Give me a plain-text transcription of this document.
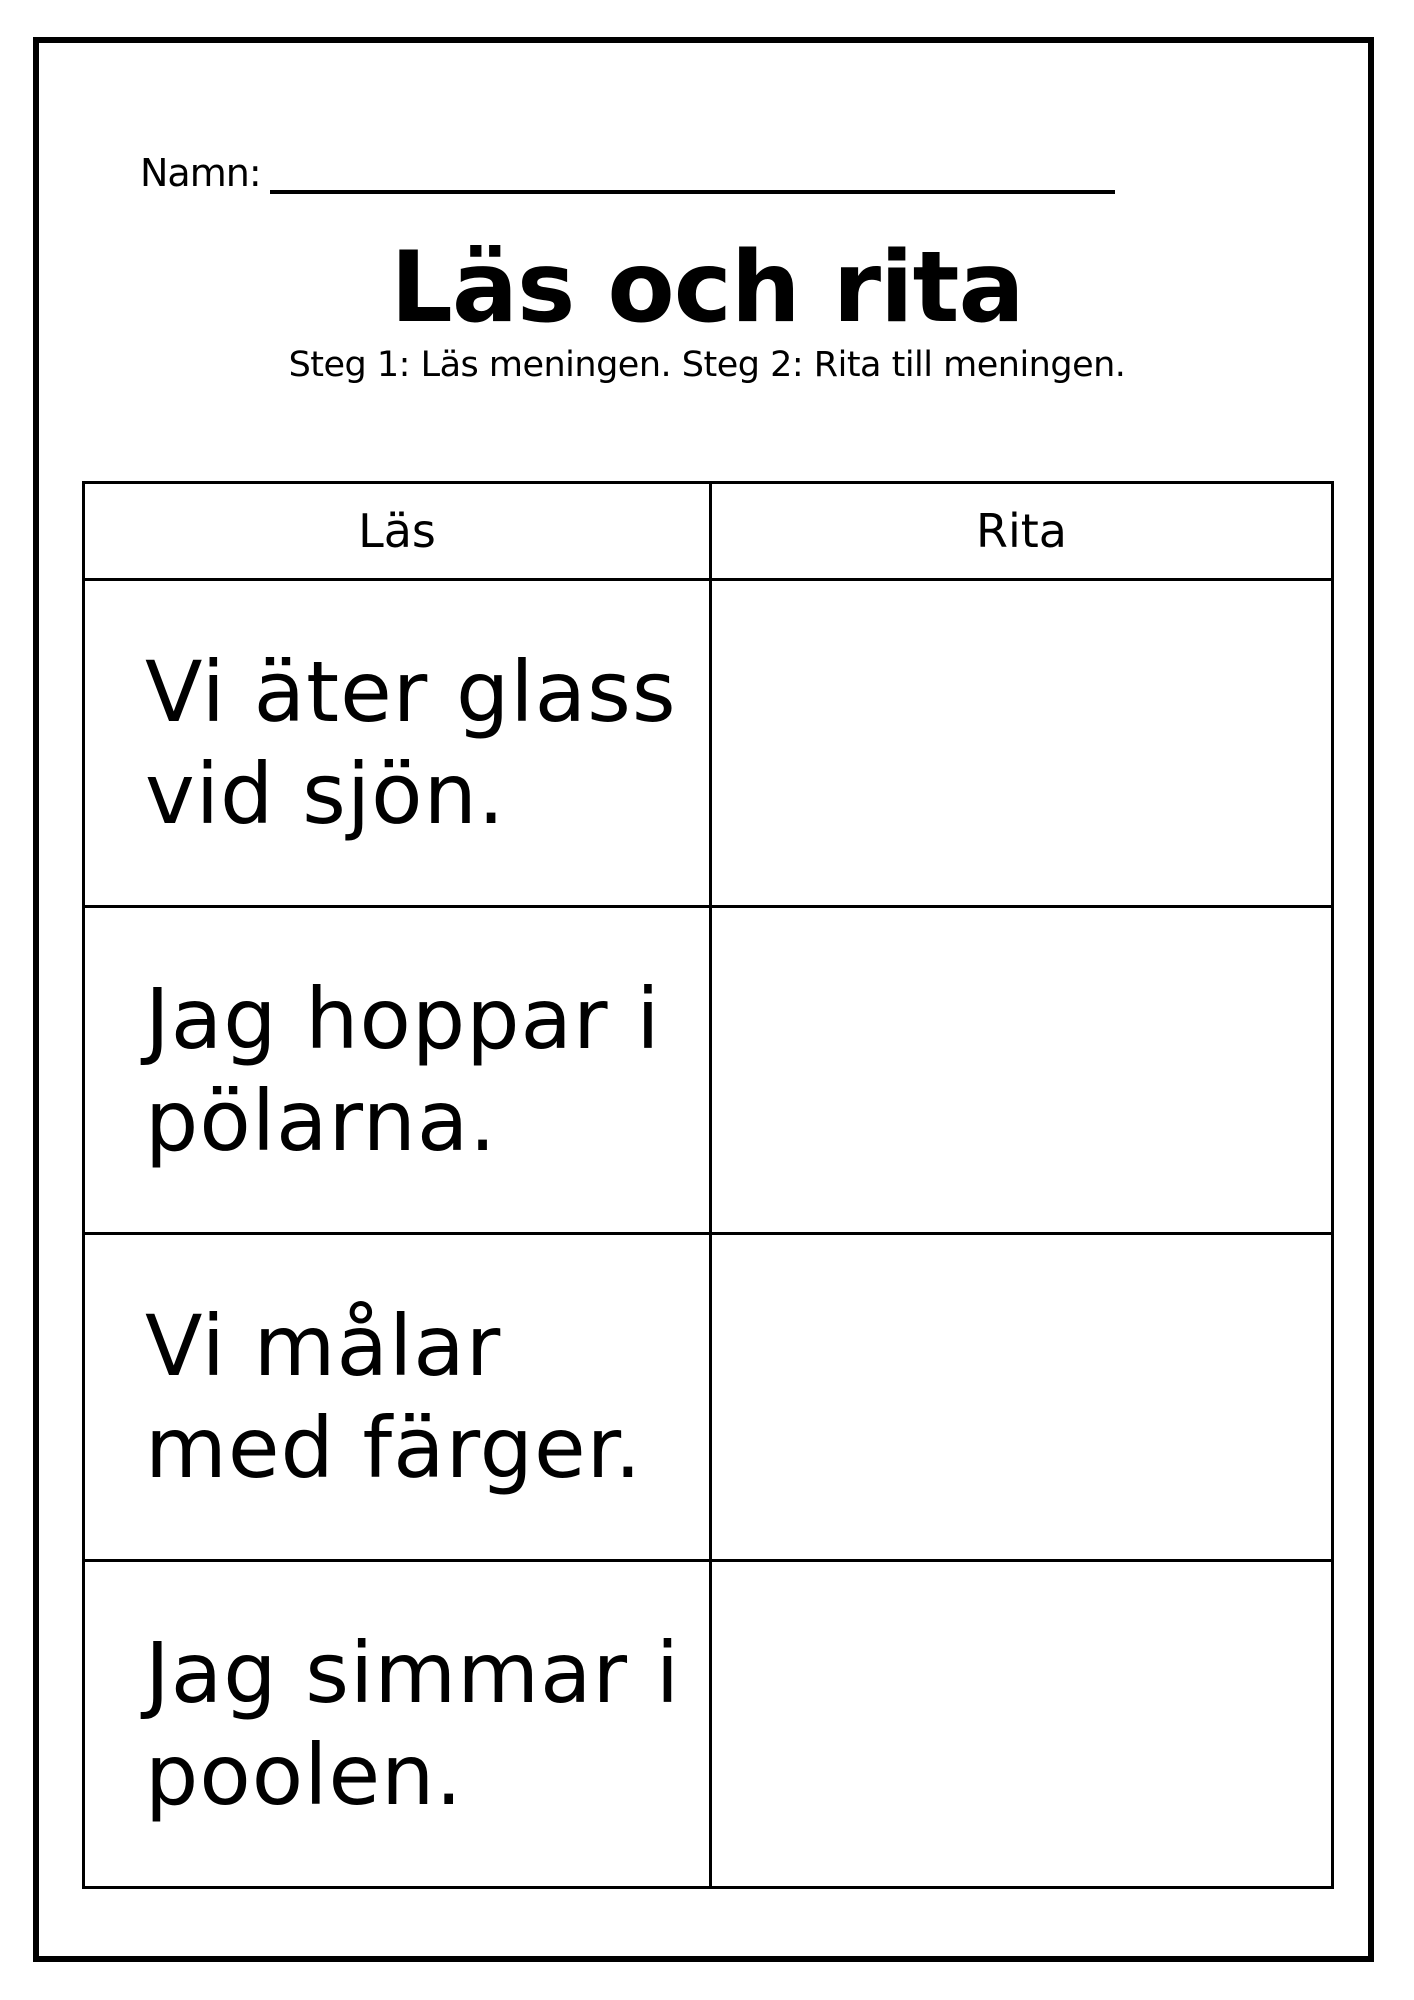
Namn:
Läs och rita
Steg 1: Läs meningen. Steg 2: Rita till meningen.
Läs	Rita

Vi äter glass vid sjön.	

Jag hoppar i pölarna.	

Vi målar med färger.	

Jag simmar i poolen.	
